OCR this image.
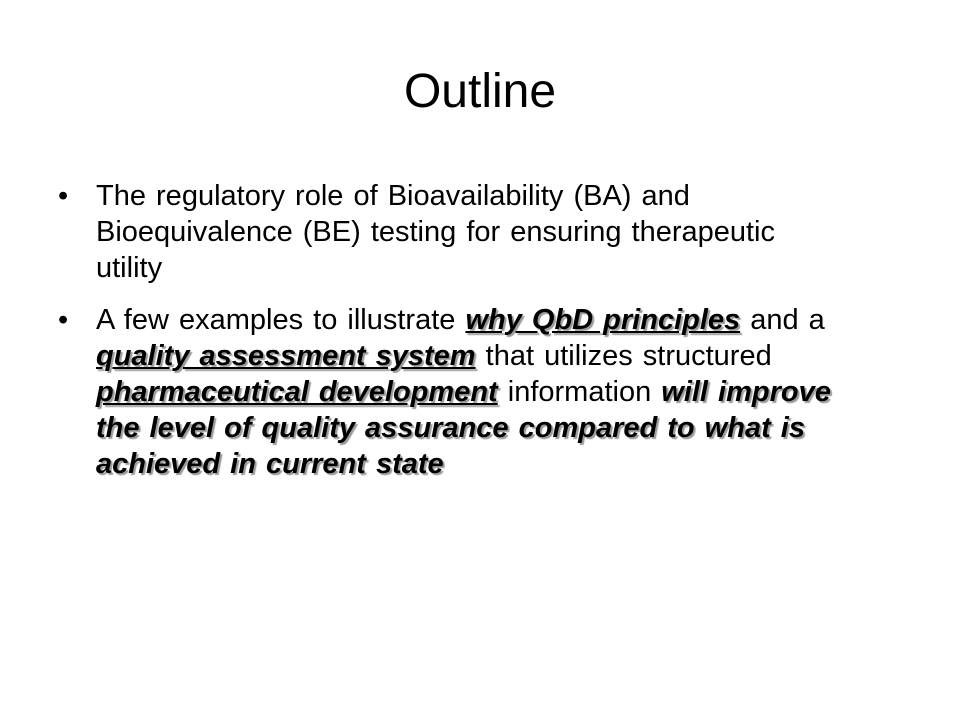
Outline
• The regulatory role of Bioavailability (BA) and Bioequivalence (BE) testing for ensuring therapeutic utility
• A few examples to illustrate why QbD principles and a quality assessment system that utilizes structured pharmaceutical development information will improve the level of quality assurance compared to what is achieved in current state
